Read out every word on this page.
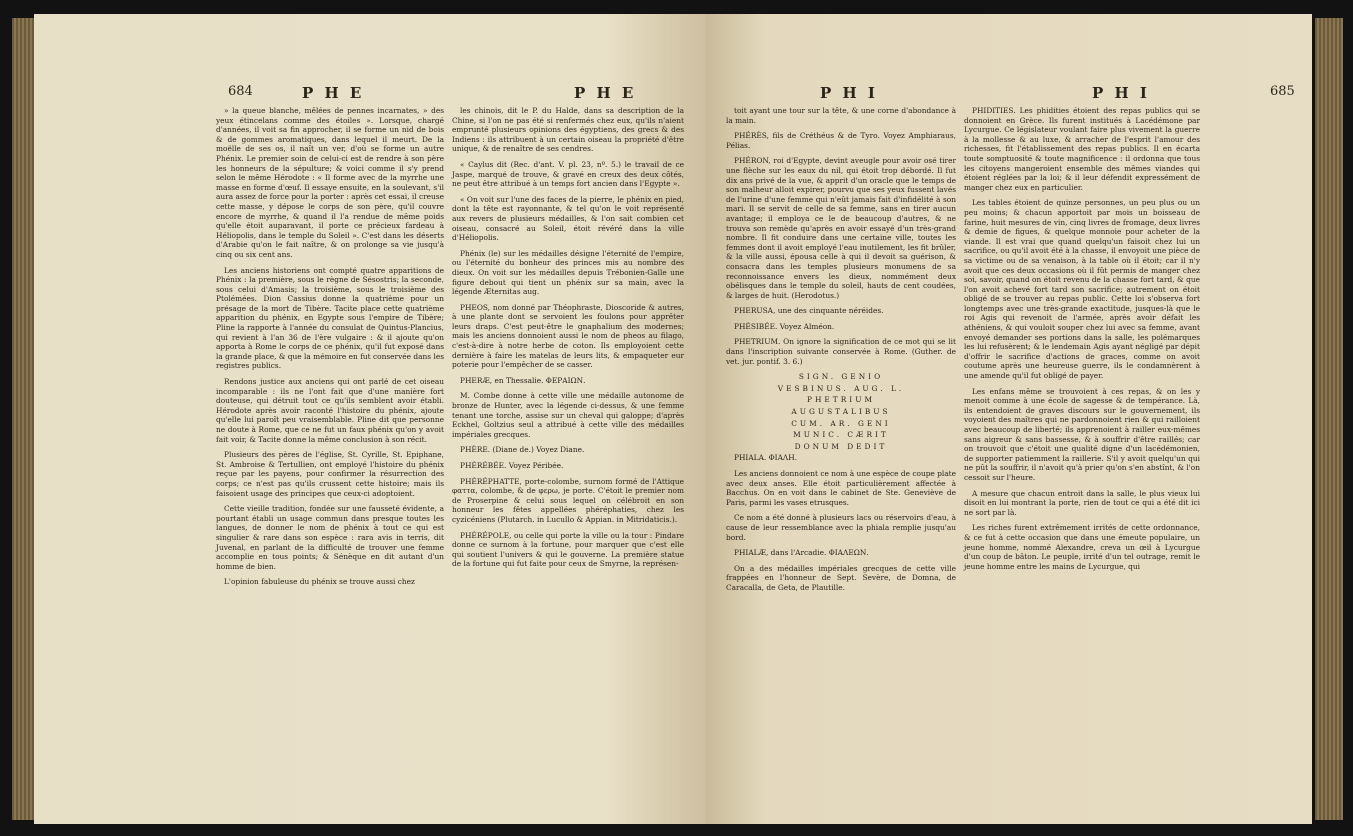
684	P H E	P H E

» la queue blanche, mêlées de pennes incarnates, » des yeux étincelans comme des étoiles ». Lorsque, chargé d'années, il voit sa fin approcher, il se forme un nid de bois & de gommes aromatiques, dans lequel il meurt. De la moëlle de ses os, il naît un ver, d'où se forme un autre Phénix. Le premier soin de celui-ci est de rendre à son père les honneurs de la sépulture; & voici comme il s'y prend selon le même Hérodote : « Il forme avec de la myrrhe une masse en forme d'œuf. Il essaye ensuite, en la soulevant, s'il aura assez de force pour la porter : après cet essai, il creuse cette masse, y dépose le corps de son père, qu'il couvre encore de myrrhe, & quand il l'a rendue de même poids qu'elle étoit auparavant, il porte ce précieux fardeau à Héliopolis, dans le temple du Soleil ». C'est dans les déserts d'Arabie qu'on le fait naître, & on prolonge sa vie jusqu'à cinq ou six cent ans.

Les anciens historiens ont compté quatre apparitions de Phénix : la première, sous le règne de Sésostris; la seconde, sous celui d'Amasis; la troisième, sous le troisième des Ptolémées. Dion Cassius donne la quatrième pour un présage de la mort de Tibère. Tacite place cette quatrième apparition du phénix, en Egypte sous l'empire de Tibère; Pline la rapporte à l'année du consulat de Quintus-Plancius, qui revient à l'an 36 de l'ère vulgaire : & il ajoute qu'on apporta à Rome le corps de ce phénix, qu'il fut exposé dans la grande place, & que la mémoire en fut conservée dans les registres publics.

Rendons justice aux anciens qui ont parlé de cet oiseau incomparable : ils ne l'ont fait que d'une manière fort douteuse, qui détruit tout ce qu'ils semblent avoir établi. Hérodote après avoir raconté l'histoire du phénix, ajoute qu'elle lui paroît peu vraisemblable. Pline dit que personne ne doute à Rome, que ce ne fut un faux phénix qu'on y avoit fait voir, & Tacite donne la même conclusion à son récit.

Plusieurs des pères de l'église, St. Cyrille, St. Epiphane, St. Ambroise & Tertullien, ont employé l'histoire du phénix reçue par les payens, pour confirmer la résurrection des corps; ce n'est pas qu'ils crussent cette histoire; mais ils faisoient usage des principes que ceux-ci adoptoient.

Cette vieille tradition, fondée sur une fausseté évidente, a pourtant établi un usage commun dans presque toutes les langues, de donner le nom de phénix à tout ce qui est singulier & rare dans son espèce : rara avis in terris, dit Juvenal, en parlant de la difficulté de trouver une femme accomplie en tous points; & Sénèque en dit autant d'un homme de bien.

L'opinion fabuleuse du phénix se trouve aussi chez

les chinois, dit le P. du Halde, dans sa description de la Chine, si l'on ne pas été si renfermés chez eux, qu'ils n'aient emprunté plusieurs opinions des égyptiens, des grecs & des Indiens : ils attribuent à un certain oiseau la propriété d'être unique, & de renaître de ses cendres.

« Caylus dit (Rec. d'ant. V. pl. 23, nº. 5.) le travail de ce Jaspe, marqué de trouve, & gravé en creux des deux côtés, ne peut être attribué à un temps fort ancien dans l'Egypte ».

« On voit sur l'une des faces de la pierre, le phénix en pied, dont la tête est rayonnante, & tel qu'on le voit représenté aux revers de plusieurs médailles, & l'on sait combien cet oiseau, consacré au Soleil, étoit révéré dans la ville d'Héliopolis.

Phénix (le) sur les médailles désigne l'éternité de l'empire, ou l'éternité du bonheur des princes mis au nombre des dieux. On voit sur les médailles depuis Trébonien-Galle une figure debout qui tient un phénix sur sa main, avec la légende Æternitas aug.

PHEOS, nom donné par Théophraste, Dioscoride & autres, à une plante dont se servoient les foulons pour apprêter leurs draps. C'est peut-être le gnaphalium des modernes; mais les anciens donnoient aussi le nom de pheos au filago, c'est-à-dire à notre herbe de coton. Ils employoient cette dernière à faire les matelas de leurs lits, & empaqueter eur poterie pour l'empêcher de se casser.

PHERÆ, en Thessalie. ΦΕΡΑΙΩΝ.

M. Combe donne à cette ville une médaille autonome de bronze de Hunter, avec la légende ci-dessus, & une femme tenant une torche, assise sur un cheval qui galoppe; d'après Eckhel, Goltzius seul a attribué à cette ville des médailles impériales grecques.

PHÈRE. (Diane de.) Voyez Diane.

PHÉRÉBÉE. Voyez Péribée.

PHÉRÉPHATTE, porte-colombe, surnom formé de l'Attique φαττα, colombe, & de φερω, je porte. C'étoit le premier nom de Proserpine & celui sous lequel on célébroit en son honneur les fêtes appellées phéréphaties, chez les cyzicéniens (Plutarch. in Lucullo & Appian. in Mitridaticis.).

PHÉRÉPOLE, ou celle qui porte la ville ou la tour : Pindare donne ce surnom à la fortune, pour marquer que c'est elle qui soutient l'univers & qui le gouverne. La première statue de la fortune qui fut faite pour ceux de Smyrne, la représen-

P H I	P H I	685

toit ayant une tour sur la tête, & une corne d'abondance à la main.

PHÉRÈS, fils de Créthéus & de Tyro. Voyez Amphiaraus, Pélias.

PHÉRON, roi d'Egypte, devint aveugle pour avoir osé tirer une flèche sur les eaux du nil, qui étoit trop débordé. Il fut dix ans privé de la vue, & apprit d'un oracle que le temps de son malheur alloit expirer, pourvu que ses yeux fussent lavés de l'urine d'une femme qui n'eût jamais fait d'infidélité à son mari. Il se servit de celle de sa femme, sans en tirer aucun avantage; il employa ce le de beaucoup d'autres, & ne trouva son remède qu'après en avoir essayé d'un très-grand nombre. Il fit conduire dans une certaine ville, toutes les femmes dont il avoit employé l'eau inutilement, les fit brûler, & la ville aussi, épousa celle à qui il devoit sa guérison, & consacra dans les temples plusieurs monumens de sa reconnoissance envers les dieux, nommément deux obélisques dans le temple du soleil, hauts de cent coudées, & larges de huit. (Herodotus.)

PHERUSA, une des cinquante néréides.

PHÉSIBÉE. Voyez Alméon.

PHETRIUM. On ignore la signification de ce mot qui se lit dans l'inscription suivante conservée à Rome. (Guther. de vet. jur. pontif. 3. 6.)

SIGN. GENIO

VESBINUS. AUG. L.

PHETRIUM

AUGUSTALIBUS

CUM. AR. GENI

MUNIC. CÆRIT

DONUM DEDIT

PHIALA. ΦΙΑΛΗ.

Les anciens donnoient ce nom à une espèce de coupe plate avec deux anses. Elle étoit particulièrement affectée à Bacchus. On en voit dans le cabinet de Ste. Geneviève de Paris, parmi les vases etrusques.

Ce nom a été donné à plusieurs lacs ou réservoirs d'eau, à cause de leur ressemblance avec la phiala remplie jusqu'au bord.

PHIALÆ, dans l'Arcadie. ΦΙΑΛΕΩΝ.

On a des médailles impériales grecques de cette ville frappées en l'honneur de Sept. Sevère, de Domna, de Caracalla, de Geta, de Plautille.

PHIDITIES. Les phidities étoient des repas publics qui se donnoient en Grèce. Ils furent institués à Lacédémone par Lycurgue. Ce législateur voulant faire plus vivement la guerre à la mollesse & au luxe, & arracher de l'esprit l'amour des richesses, fit l'établissement des repas publics. Il en écarta toute somptuosité & toute magnificence : il ordonna que tous les citoyens mangeroient ensemble des mêmes viandes qui étoient réglées par la loi; & il leur défendit expressément de manger chez eux en particulier.

Les tables étoient de quinze personnes, un peu plus ou un peu moins; & chacun apportoit par mois un boisseau de farine, huit mesures de vin, cinq livres de fromage, deux livres & demie de figues, & quelque monnoie pour acheter de la viande. Il est vrai que quand quelqu'un faisoit chez lui un sacrifice, ou qu'il avoit été à la chasse, il envoyoit une pièce de sa victime ou de sa venaison, à la table où il étoit; car il n'y avoit que ces deux occasions où il fût permis de manger chez soi, savoir, quand on étoit revenu de la chasse fort tard, & que l'on avoit achevé fort tard son sacrifice; autrement on étoit obligé de se trouver au repas public. Cette loi s'observa fort longtemps avec une très-grande exactitude, jusques-là que le roi Agis qui revenoit de l'armée, après avoir défait les athéniens, & qui vouloit souper chez lui avec sa femme, avant envoyé demander ses portions dans la salle, les polémarques les lui refusèrent; & le lendemain Agis ayant négligé par dépit d'offrir le sacrifice d'actions de graces, comme on avoit coutume après une heureuse guerre, ils le condamnèrent à une amende qu'il fut obligé de payer.

Les enfans même se trouvoient à ces repas, & on les y menoit comme à une école de sagesse & de tempérance. Là, ils entendoient de graves discours sur le gouvernement, ils voyoient des maîtres qui ne pardonnoient rien & qui railloient avec beaucoup de liberté; ils apprenoient à railler eux-mêmes sans aigreur & sans bassesse, & à souffrir d'être raillés; car on trouvoit que c'étoit une qualité digne d'un lacédémonien, de supporter patiemment la raillerie. S'il y avoit quelqu'un qui ne pût la souffrir, il n'avoit qu'à prier qu'on s'en abstînt, & l'on cessoit sur l'heure.

A mesure que chacun entroit dans la salle, le plus vieux lui disoit en lui montrant la porte, rien de tout ce qui a été dit ici ne sort par là.

Les riches furent extrêmement irrités de cette ordonnance, & ce fut à cette occasion que dans une émeute populaire, un jeune homme, nommé Alexandre, creva un œil à Lycurgue d'un coup de bâton. Le peuple, irrité d'un tel outrage, remit le jeune homme entre les mains de Lycurgue, qui
